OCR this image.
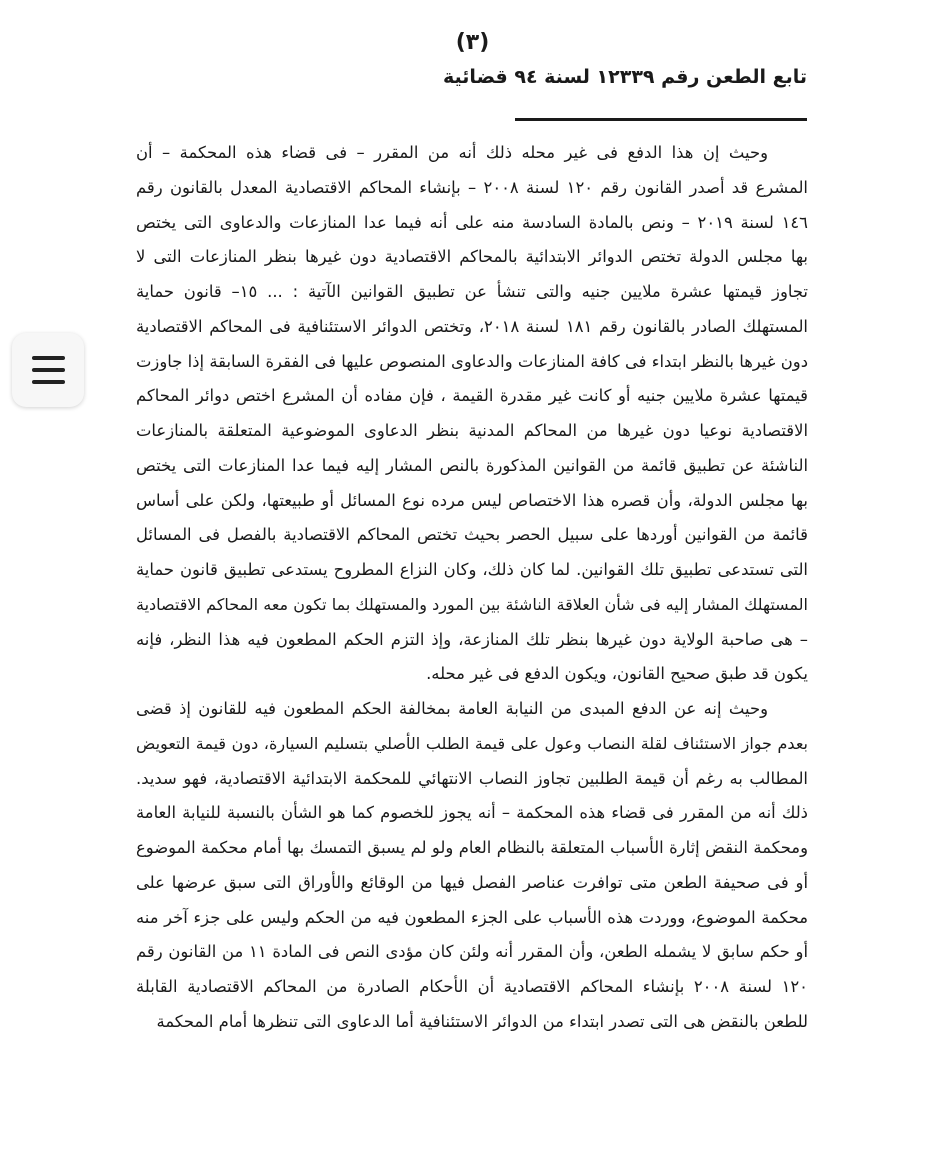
(٣)
تابع الطعن رقم ١٢٣٣٩ لسنة ٩٤ قضائية
وحيث إن هذا الدفع فى غير محله ذلك أنه من المقرر – فى قضاء هذه المحكمة – أن
المشرع قد أصدر القانون رقم ١٢٠ لسنة ٢٠٠٨ – بإنشاء المحاكم الاقتصادية المعدل بالقانون رقم
١٤٦ لسنة ٢٠١٩ – ونص بالمادة السادسة منه على أنه فيما عدا المنازعات والدعاوى التى يختص
بها مجلس الدولة تختص الدوائر الابتدائية بالمحاكم الاقتصادية دون غيرها بنظر المنازعات التى لا
تجاوز قيمتها عشرة ملايين جنيه والتى تنشأ عن تطبيق القوانين الآتية : ... ١٥– قانون حماية
المستهلك الصادر بالقانون رقم ١٨١ لسنة ٢٠١٨، وتختص الدوائر الاستئنافية فى المحاكم الاقتصادية
دون غيرها بالنظر ابتداء فى كافة المنازعات والدعاوى المنصوص عليها فى الفقرة السابقة إذا جاوزت
قيمتها عشرة ملايين جنيه أو كانت غير مقدرة القيمة ، فإن مفاده أن المشرع اختص دوائر المحاكم
الاقتصادية نوعيا دون غيرها من المحاكم المدنية بنظر الدعاوى الموضوعية المتعلقة بالمنازعات
الناشئة عن تطبيق قائمة من القوانين المذكورة بالنص المشار إليه فيما عدا المنازعات التى يختص
بها مجلس الدولة، وأن قصره هذا الاختصاص ليس مرده نوع المسائل أو طبيعتها، ولكن على أساس
قائمة من القوانين أوردها على سبيل الحصر بحيث تختص المحاكم الاقتصادية بالفصل فى المسائل
التى تستدعى تطبيق تلك القوانين. لما كان ذلك، وكان النزاع المطروح يستدعى تطبيق قانون حماية
المستهلك المشار إليه فى شأن العلاقة الناشئة بين المورد والمستهلك بما تكون معه المحاكم الاقتصادية
– هى صاحبة الولاية دون غيرها بنظر تلك المنازعة، وإذ التزم الحكم المطعون فيه هذا النظر، فإنه
يكون قد طبق صحيح القانون، ويكون الدفع فى غير محله.
وحيث إنه عن الدفع المبدى من النيابة العامة بمخالفة الحكم المطعون فيه للقانون إذ قضى
بعدم جواز الاستئناف لقلة النصاب وعول على قيمة الطلب الأصلي بتسليم السيارة، دون قيمة التعويض
المطالب به رغم أن قيمة الطلبين تجاوز النصاب الانتهائي للمحكمة الابتدائية الاقتصادية، فهو سديد.
ذلك أنه من المقرر فى قضاء هذه المحكمة – أنه يجوز للخصوم كما هو الشأن بالنسبة للنيابة العامة
ومحكمة النقض إثارة الأسباب المتعلقة بالنظام العام ولو لم يسبق التمسك بها أمام محكمة الموضوع
أو فى صحيفة الطعن متى توافرت عناصر الفصل فيها من الوقائع والأوراق التى سبق عرضها على
محكمة الموضوع، ووردت هذه الأسباب على الجزء المطعون فيه من الحكم وليس على جزء آخر منه
أو حكم سابق لا يشمله الطعن، وأن المقرر أنه ولئن كان مؤدى النص فى المادة ١١ من القانون رقم
١٢٠ لسنة ٢٠٠٨ بإنشاء المحاكم الاقتصادية أن الأحكام الصادرة من المحاكم الاقتصادية القابلة
للطعن بالنقض هى التى تصدر ابتداء من الدوائر الاستئنافية أما الدعاوى التى تنظرها أمام المحكمة
